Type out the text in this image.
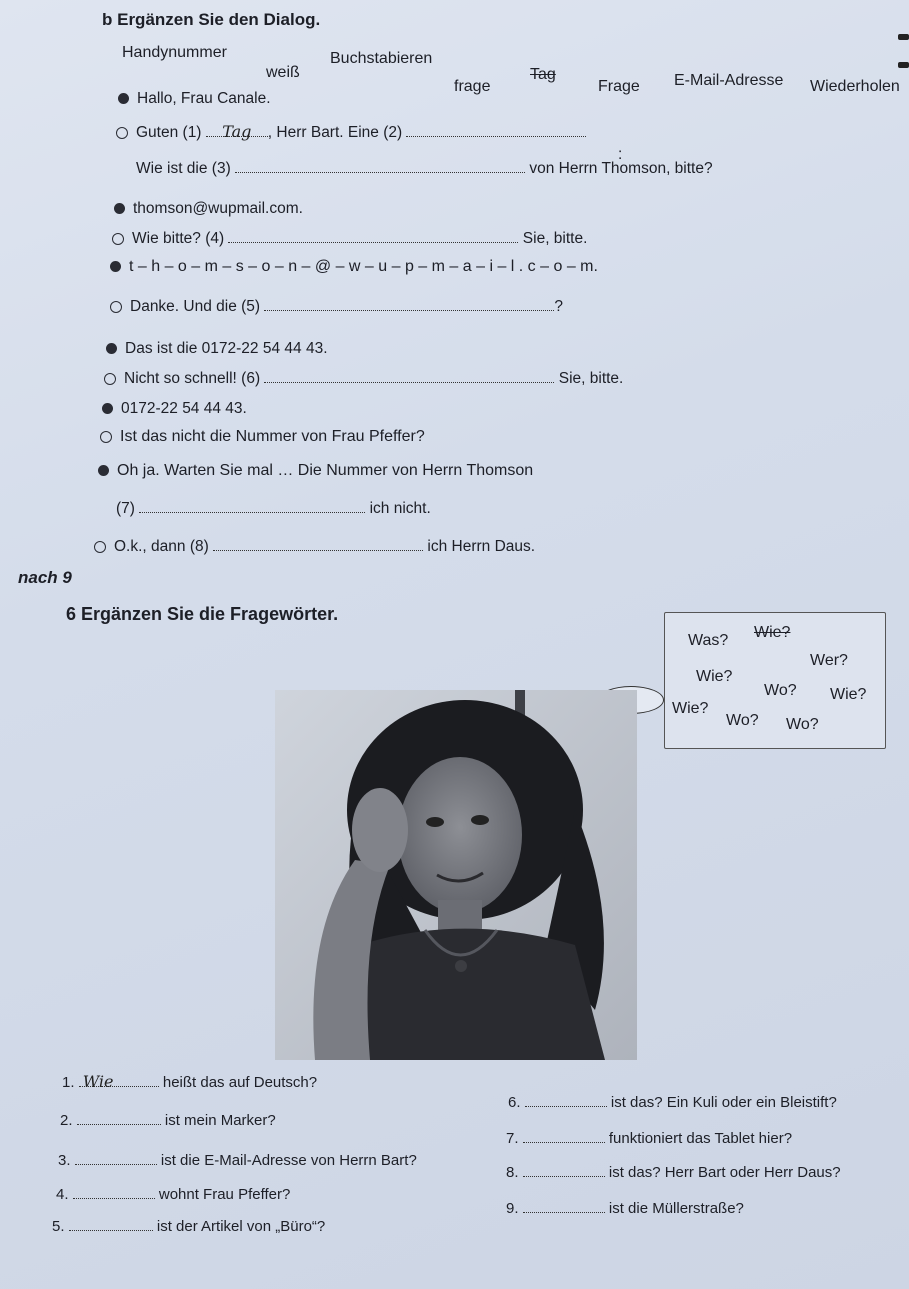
b Ergänzen Sie den Dialog.
Handynummer
weiß
Buchstabieren
frage
Tag
Frage E-Mail-Adresse Wiederholen
Hallo, Frau Canale.
Guten (1) Tag , Herr Bart. Eine (2)
:
Wie ist die (3)	von Herrn Thomson, bitte?
thomson@wupmail.com.
Wie bitte? (4)	Sie, bitte.
t – h – o – m – s – o – n – @ – w – u – p – m – a – i – l . c – o – m.
Danke. Und die (5)	?
Das ist die 0172-22 54 44 43.
Nicht so schnell! (6)	Sie, bitte.
0172-22 54 44 43.
Ist das nicht die Nummer von Frau Pfeffer?
Oh ja. Warten Sie mal … Die Nummer von Herrn Thomson
(7)	ich nicht.
O.k., dann (8)	ich Herrn Daus.
nach 9
6 Ergänzen Sie die Fragewörter.
Was? Wie?
Wer?
Wie?
Wo? Wie?
Wie?
Wo? Wo?
1. Wie	heißt das auf Deutsch?
2.	ist mein Marker?
3.	ist die E-Mail-Adresse von Herrn Bart?
4.	wohnt Frau Pfeffer?
5.	ist der Artikel von „Büro“?
6.	ist das? Ein Kuli oder ein Bleistift?
7.	funktioniert das Tablet hier?
8.	ist das? Herr Bart oder Herr Daus?
9.	ist die Müllerstraße?
